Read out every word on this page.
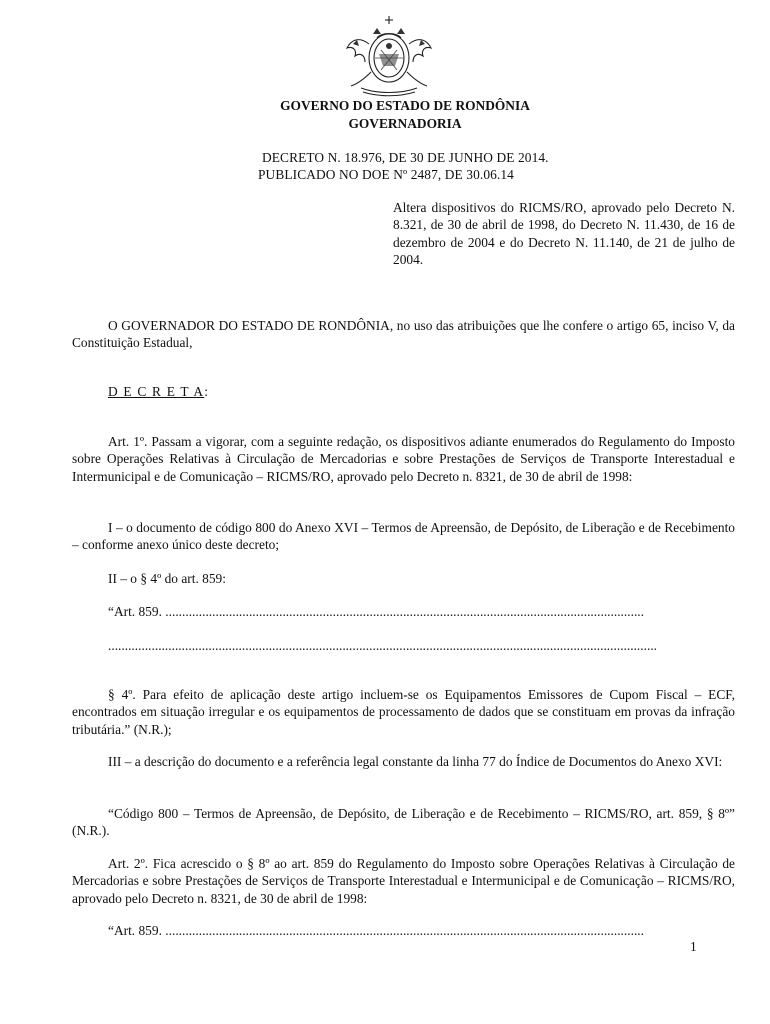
GOVERNO DO ESTADO DE RONDÔNIA

GOVERNADORIA

DECRETO N. 18.976, DE 30 DE JUNHO DE 2014.

PUBLICADO NO DOE Nº 2487, DE 30.06.14

Altera dispositivos do RICMS/RO, aprovado pelo Decreto N. 8.321, de 30 de abril de 1998, do Decreto N. 11.430, de 16 de dezembro de 2004 e do Decreto N. 11.140, de 21 de julho de 2004.

O GOVERNADOR DO ESTADO DE RONDÔNIA, no uso das atribuições que lhe confere o artigo 65, inciso V, da Constituição Estadual,

D E C R E T A:

Art. 1º. Passam a vigorar, com a seguinte redação, os dispositivos adiante enumerados do Regulamento do Imposto sobre Operações Relativas à Circulação de Mercadorias e sobre Prestações de Serviços de Transporte Interestadual e Intermunicipal e de Comunicação – RICMS/RO, aprovado pelo Decreto n. 8321, de 30 de abril de 1998:

I – o documento de código 800 do Anexo XVI – Termos de Apreensão, de Depósito, de Liberação e de Recebimento – conforme anexo único deste decreto;

II – o § 4º do art. 859:

“Art. 859. ...............................................................................................................................................

....................................................................................................................................................................

§ 4º. Para efeito de aplicação deste artigo incluem-se os Equipamentos Emissores de Cupom Fiscal – ECF, encontrados em situação irregular e os equipamentos de processamento de dados que se constituam em provas da infração tributária.” (N.R.);

III – a descrição do documento e a referência legal constante da linha 77 do Índice de Documentos do Anexo XVI:

“Código 800 – Termos de Apreensão, de Depósito, de Liberação e de Recebimento – RICMS/RO, art. 859, § 8º” (N.R.).

Art. 2º. Fica acrescido o § 8º ao art. 859 do Regulamento do Imposto sobre Operações Relativas à Circulação de Mercadorias e sobre Prestações de Serviços de Transporte Interestadual e Intermunicipal e de Comunicação – RICMS/RO, aprovado pelo Decreto n. 8321, de 30 de abril de 1998:

“Art. 859. ...............................................................................................................................................

1
